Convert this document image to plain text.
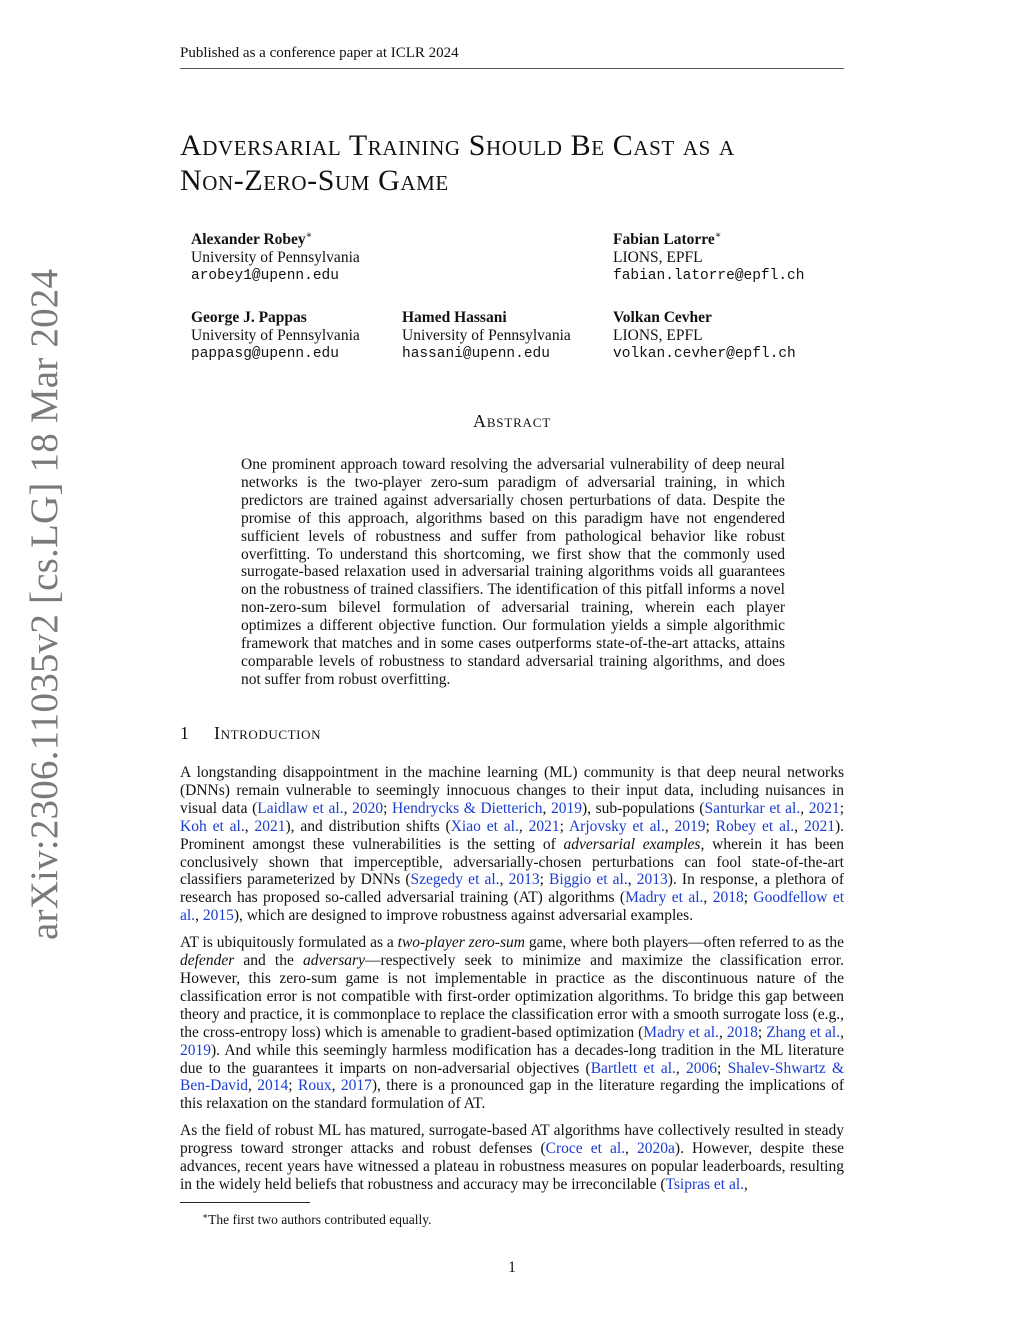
Published as a conference paper at ICLR 2024
Adversarial Training Should Be Cast as a
Non-Zero-Sum Game
Alexander Robey∗
University of Pennsylvania
arobey1@upenn.edu
Fabian Latorre∗
LIONS, EPFL
fabian.latorre@epfl.ch
George J. Pappas
University of Pennsylvania
pappasg@upenn.edu
Hamed Hassani
University of Pennsylvania
hassani@upenn.edu
Volkan Cevher
LIONS, EPFL
volkan.cevher@epfl.ch
arXiv:2306.11035v2 [cs.LG] 18 Mar 2024	Abstract
One prominent approach toward resolving the adversarial vulnerability of deep neural networks is the two-player zero-sum paradigm of adversarial training, in which predictors are trained against adversarially chosen perturbations of data. Despite the promise of this approach, algorithms based on this paradigm have not engendered sufficient levels of robustness and suffer from pathological behavior like robust overfitting. To understand this shortcoming, we first show that the commonly used surrogate-based relaxation used in adversarial training algorithms voids all guarantees on the robustness of trained classifiers. The identification of this pitfall informs a novel non-zero-sum bilevel formulation of adversarial training, wherein each player optimizes a different objective function. Our formulation yields a simple algorithmic framework that matches and in some cases outperforms state-of-the-art attacks, attains comparable levels of robustness to standard adversarial training algorithms, and does not suffer from robust overfitting.
1 Introduction

A longstanding disappointment in the machine learning (ML) community is that deep neural networks (DNNs) remain vulnerable to seemingly innocuous changes to their input data, including nuisances in visual data (Laidlaw et al., 2020; Hendrycks & Dietterich, 2019), sub-populations (Santurkar et al., 2021; Koh et al., 2021), and distribution shifts (Xiao et al., 2021; Arjovsky et al., 2019; Robey et al., 2021). Prominent amongst these vulnerabilities is the setting of adversarial examples, wherein it has been conclusively shown that imperceptible, adversarially-chosen perturbations can fool state-of-the-art classifiers parameterized by DNNs (Szegedy et al., 2013; Biggio et al., 2013). In response, a plethora of research has proposed so-called adversarial training (AT) algorithms (Madry et al., 2018; Goodfellow et al., 2015), which are designed to improve robustness against adversarial examples.

AT is ubiquitously formulated as a two-player zero-sum game, where both players—often referred to as the defender and the adversary—respectively seek to minimize and maximize the classification error. However, this zero-sum game is not implementable in practice as the discontinuous nature of the classification error is not compatible with first-order optimization algorithms. To bridge this gap between theory and practice, it is commonplace to replace the classification error with a smooth surrogate loss (e.g., the cross-entropy loss) which is amenable to gradient-based optimization (Madry et al., 2018; Zhang et al., 2019). And while this seemingly harmless modification has a decades-long tradition in the ML literature due to the guarantees it imparts on non-adversarial objectives (Bartlett et al., 2006; Shalev-Shwartz & Ben-David, 2014; Roux, 2017), there is a pronounced gap in the literature regarding the implications of this relaxation on the standard formulation of AT.

As the field of robust ML has matured, surrogate-based AT algorithms have collectively resulted in steady progress toward stronger attacks and robust defenses (Croce et al., 2020a). However, despite these advances, recent years have witnessed a plateau in robustness measures on popular leaderboards, resulting in the widely held beliefs that robustness and accuracy may be irreconcilable (Tsipras et al.,

∗The first two authors contributed equally.
1
